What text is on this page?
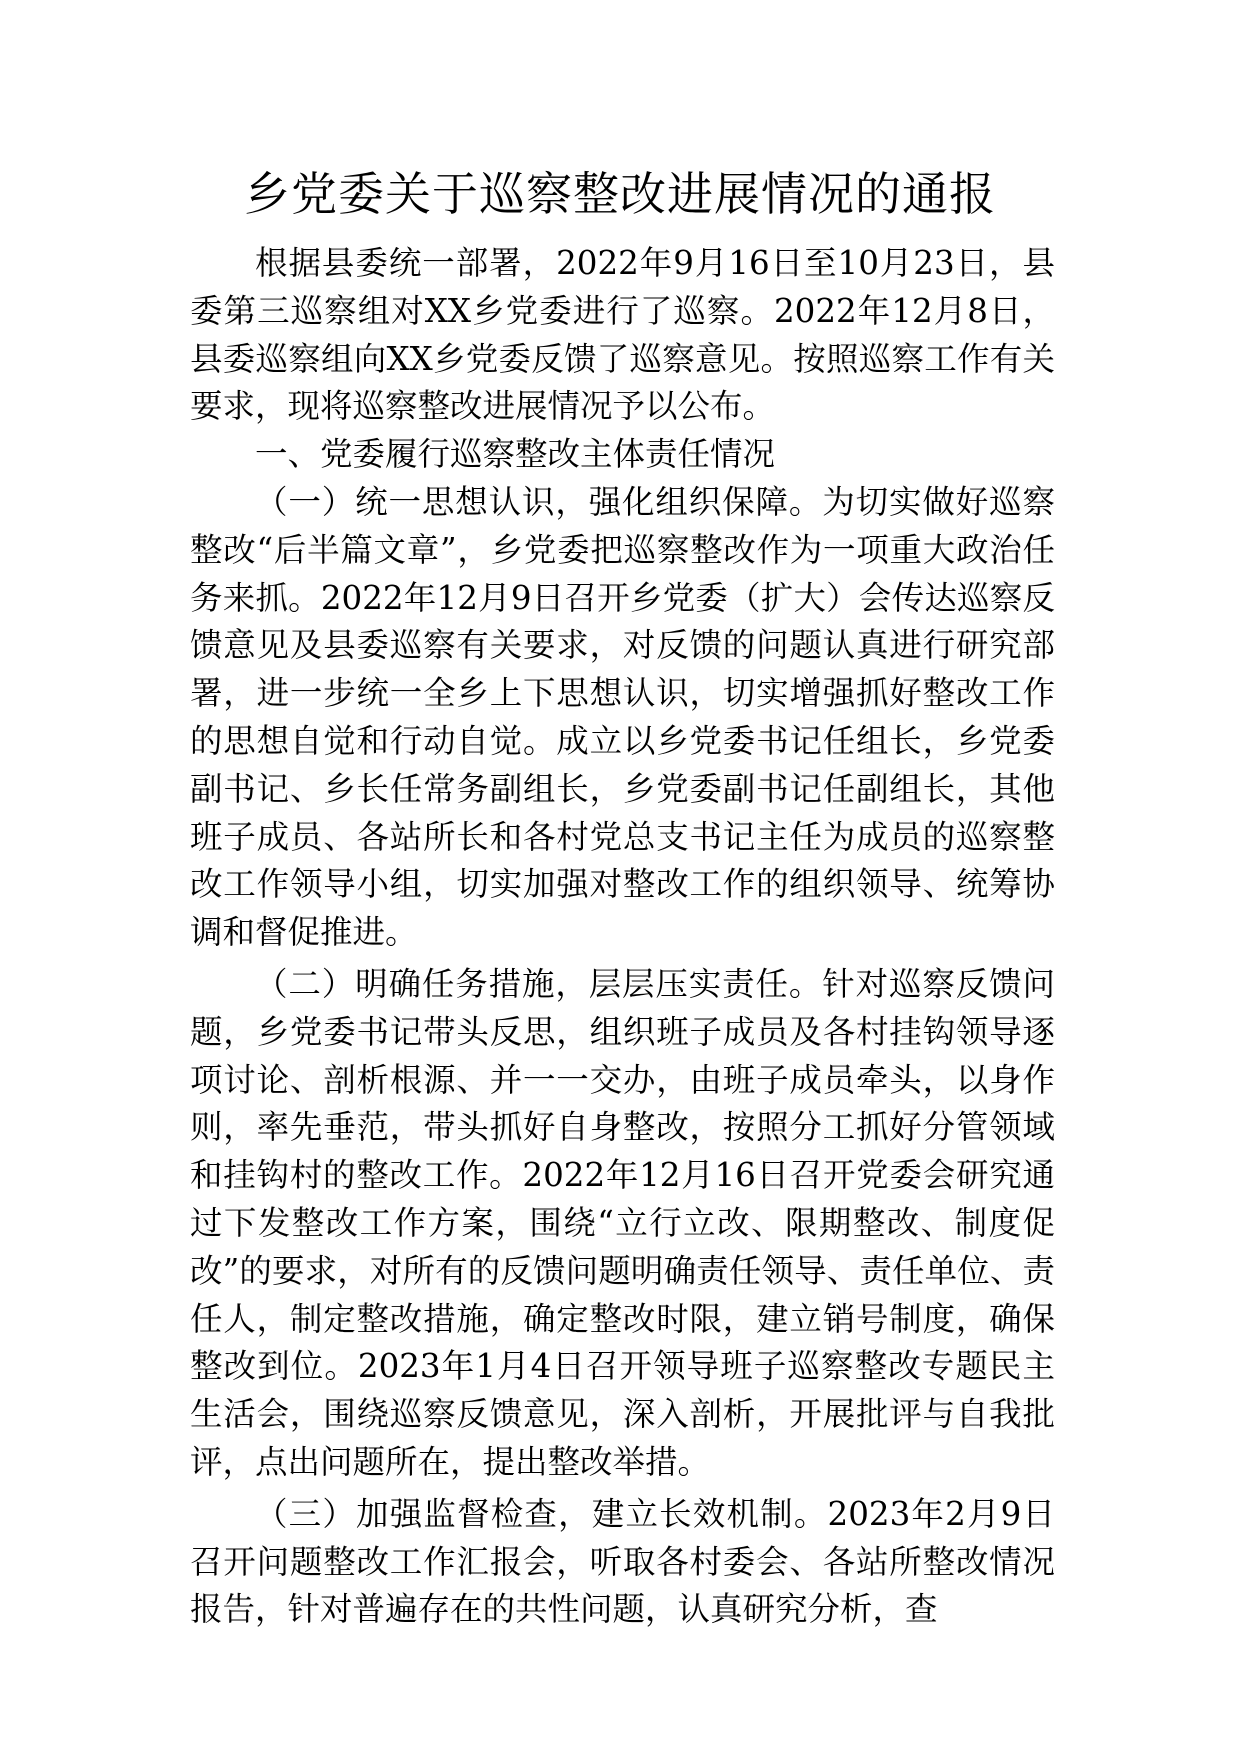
乡党委关于巡察整改进展情况的通报

根据县委统一部署，2022年9月16日至10月23日，县委第三巡察组对XX乡党委进行了巡察。2022年12月8日，县委巡察组向XX乡党委反馈了巡察意见。按照巡察工作有关要求，现将巡察整改进展情况予以公布。

一、党委履行巡察整改主体责任情况

（一）统一思想认识，强化组织保障。为切实做好巡察整改“后半篇文章”，乡党委把巡察整改作为一项重大政治任务来抓。2022年12月9日召开乡党委（扩大）会传达巡察反馈意见及县委巡察有关要求，对反馈的问题认真进行研究部署，进一步统一全乡上下思想认识，切实增强抓好整改工作的思想自觉和行动自觉。成立以乡党委书记任组长，乡党委副书记、乡长任常务副组长，乡党委副书记任副组长，其他班子成员、各站所长和各村党总支书记主任为成员的巡察整改工作领导小组，切实加强对整改工作的组织领导、统筹协调和督促推进。

（二）明确任务措施，层层压实责任。针对巡察反馈问题，乡党委书记带头反思，组织班子成员及各村挂钩领导逐项讨论、剖析根源、并一一交办，由班子成员牵头，以身作则，率先垂范，带头抓好自身整改，按照分工抓好分管领域和挂钩村的整改工作。2022年12月16日召开党委会研究通过下发整改工作方案，围绕“立行立改、限期整改、制度促改”的要求，对所有的反馈问题明确责任领导、责任单位、责任人，制定整改措施，确定整改时限，建立销号制度，确保整改到位。2023年1月4日召开领导班子巡察整改专题民主生活会，围绕巡察反馈意见，深入剖析，开展批评与自我批评，点出问题所在，提出整改举措。

（三）加强监督检查，建立长效机制。2023年2月9日召开问题整改工作汇报会，听取各村委会、各站所整改情况报告，针对普遍存在的共性问题，认真研究分析，查
